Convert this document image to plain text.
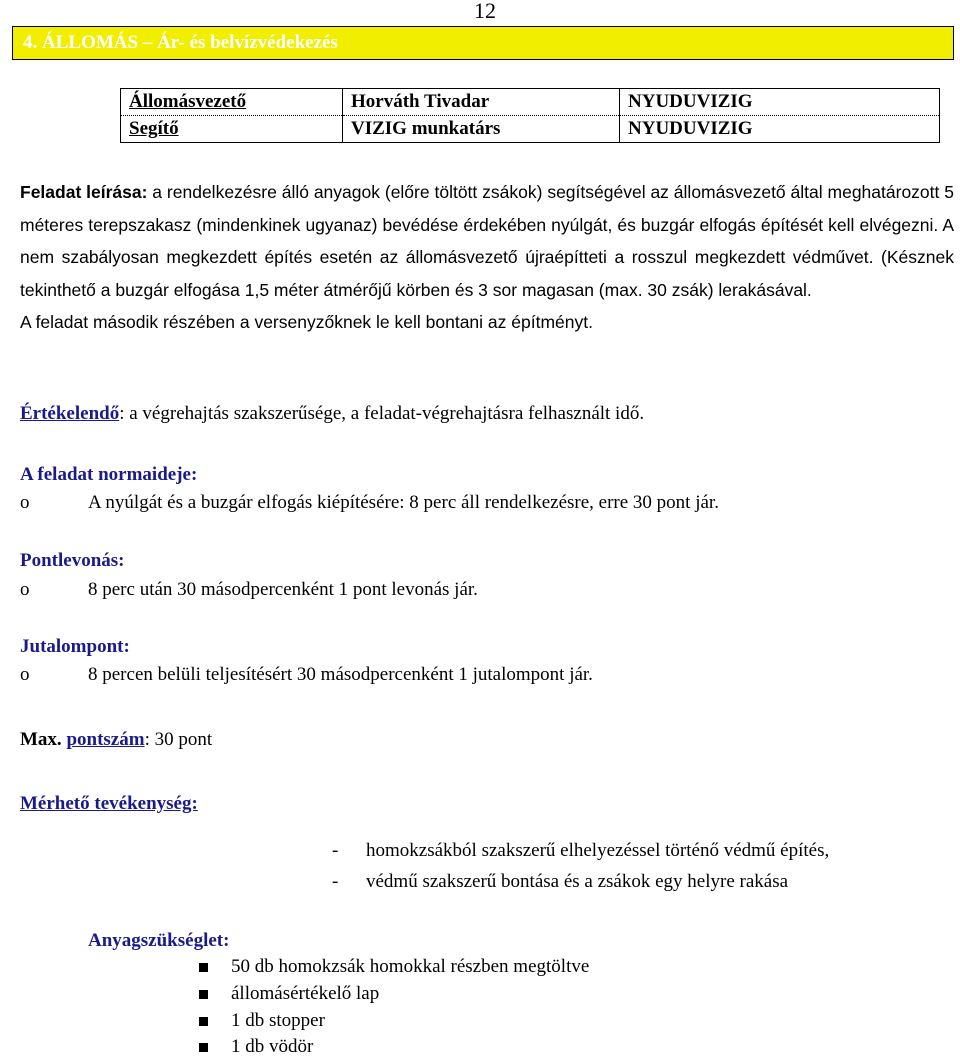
12
4. ÁLLOMÁS – Ár- és belvízvédekezés
Állomásvezető	Horváth Tivadar	NYUDUVIZIG
Segítő	VIZIG munkatárs	NYUDUVIZIG
Feladat leírása: a rendelkezésre álló anyagok (előre töltött zsákok) segítségével az állomásvezető által meghatározott 5 méteres terepszakasz (mindenkinek ugyanaz) bevédése érdekében nyúlgát, és buzgár elfogás építését kell elvégezni. A nem szabályosan megkezdett építés esetén az állomásvezető újraépítteti a rosszul megkezdett védművet. (Késznek tekinthető a buzgár elfogása 1,5 méter átmérőjű körben és 3 sor magasan (max. 30 zsák) lerakásával.
A feladat második részében a versenyzőknek le kell bontani az építményt.
Értékelendő: a végrehajtás szakszerűsége, a feladat-végrehajtásra felhasznált idő.
A feladat normaideje:
o	A nyúlgát és a buzgár elfogás kiépítésére: 8 perc áll rendelkezésre, erre 30 pont jár.
Pontlevonás:
o	8 perc után 30 másodpercenként 1 pont levonás jár.
Jutalompont:
o	8 percen belüli teljesítésért 30 másodpercenként 1 jutalompont jár.
Max. pontszám: 30 pont
Mérhető tevékenység:
- homokzsákból szakszerű elhelyezéssel történő védmű építés,
- védmű szakszerű bontása és a zsákok egy helyre rakása
Anyagszükséglet:
50 db homokzsák homokkal részben megtöltve
állomásértékelő lap
1 db stopper
1 db vödör
